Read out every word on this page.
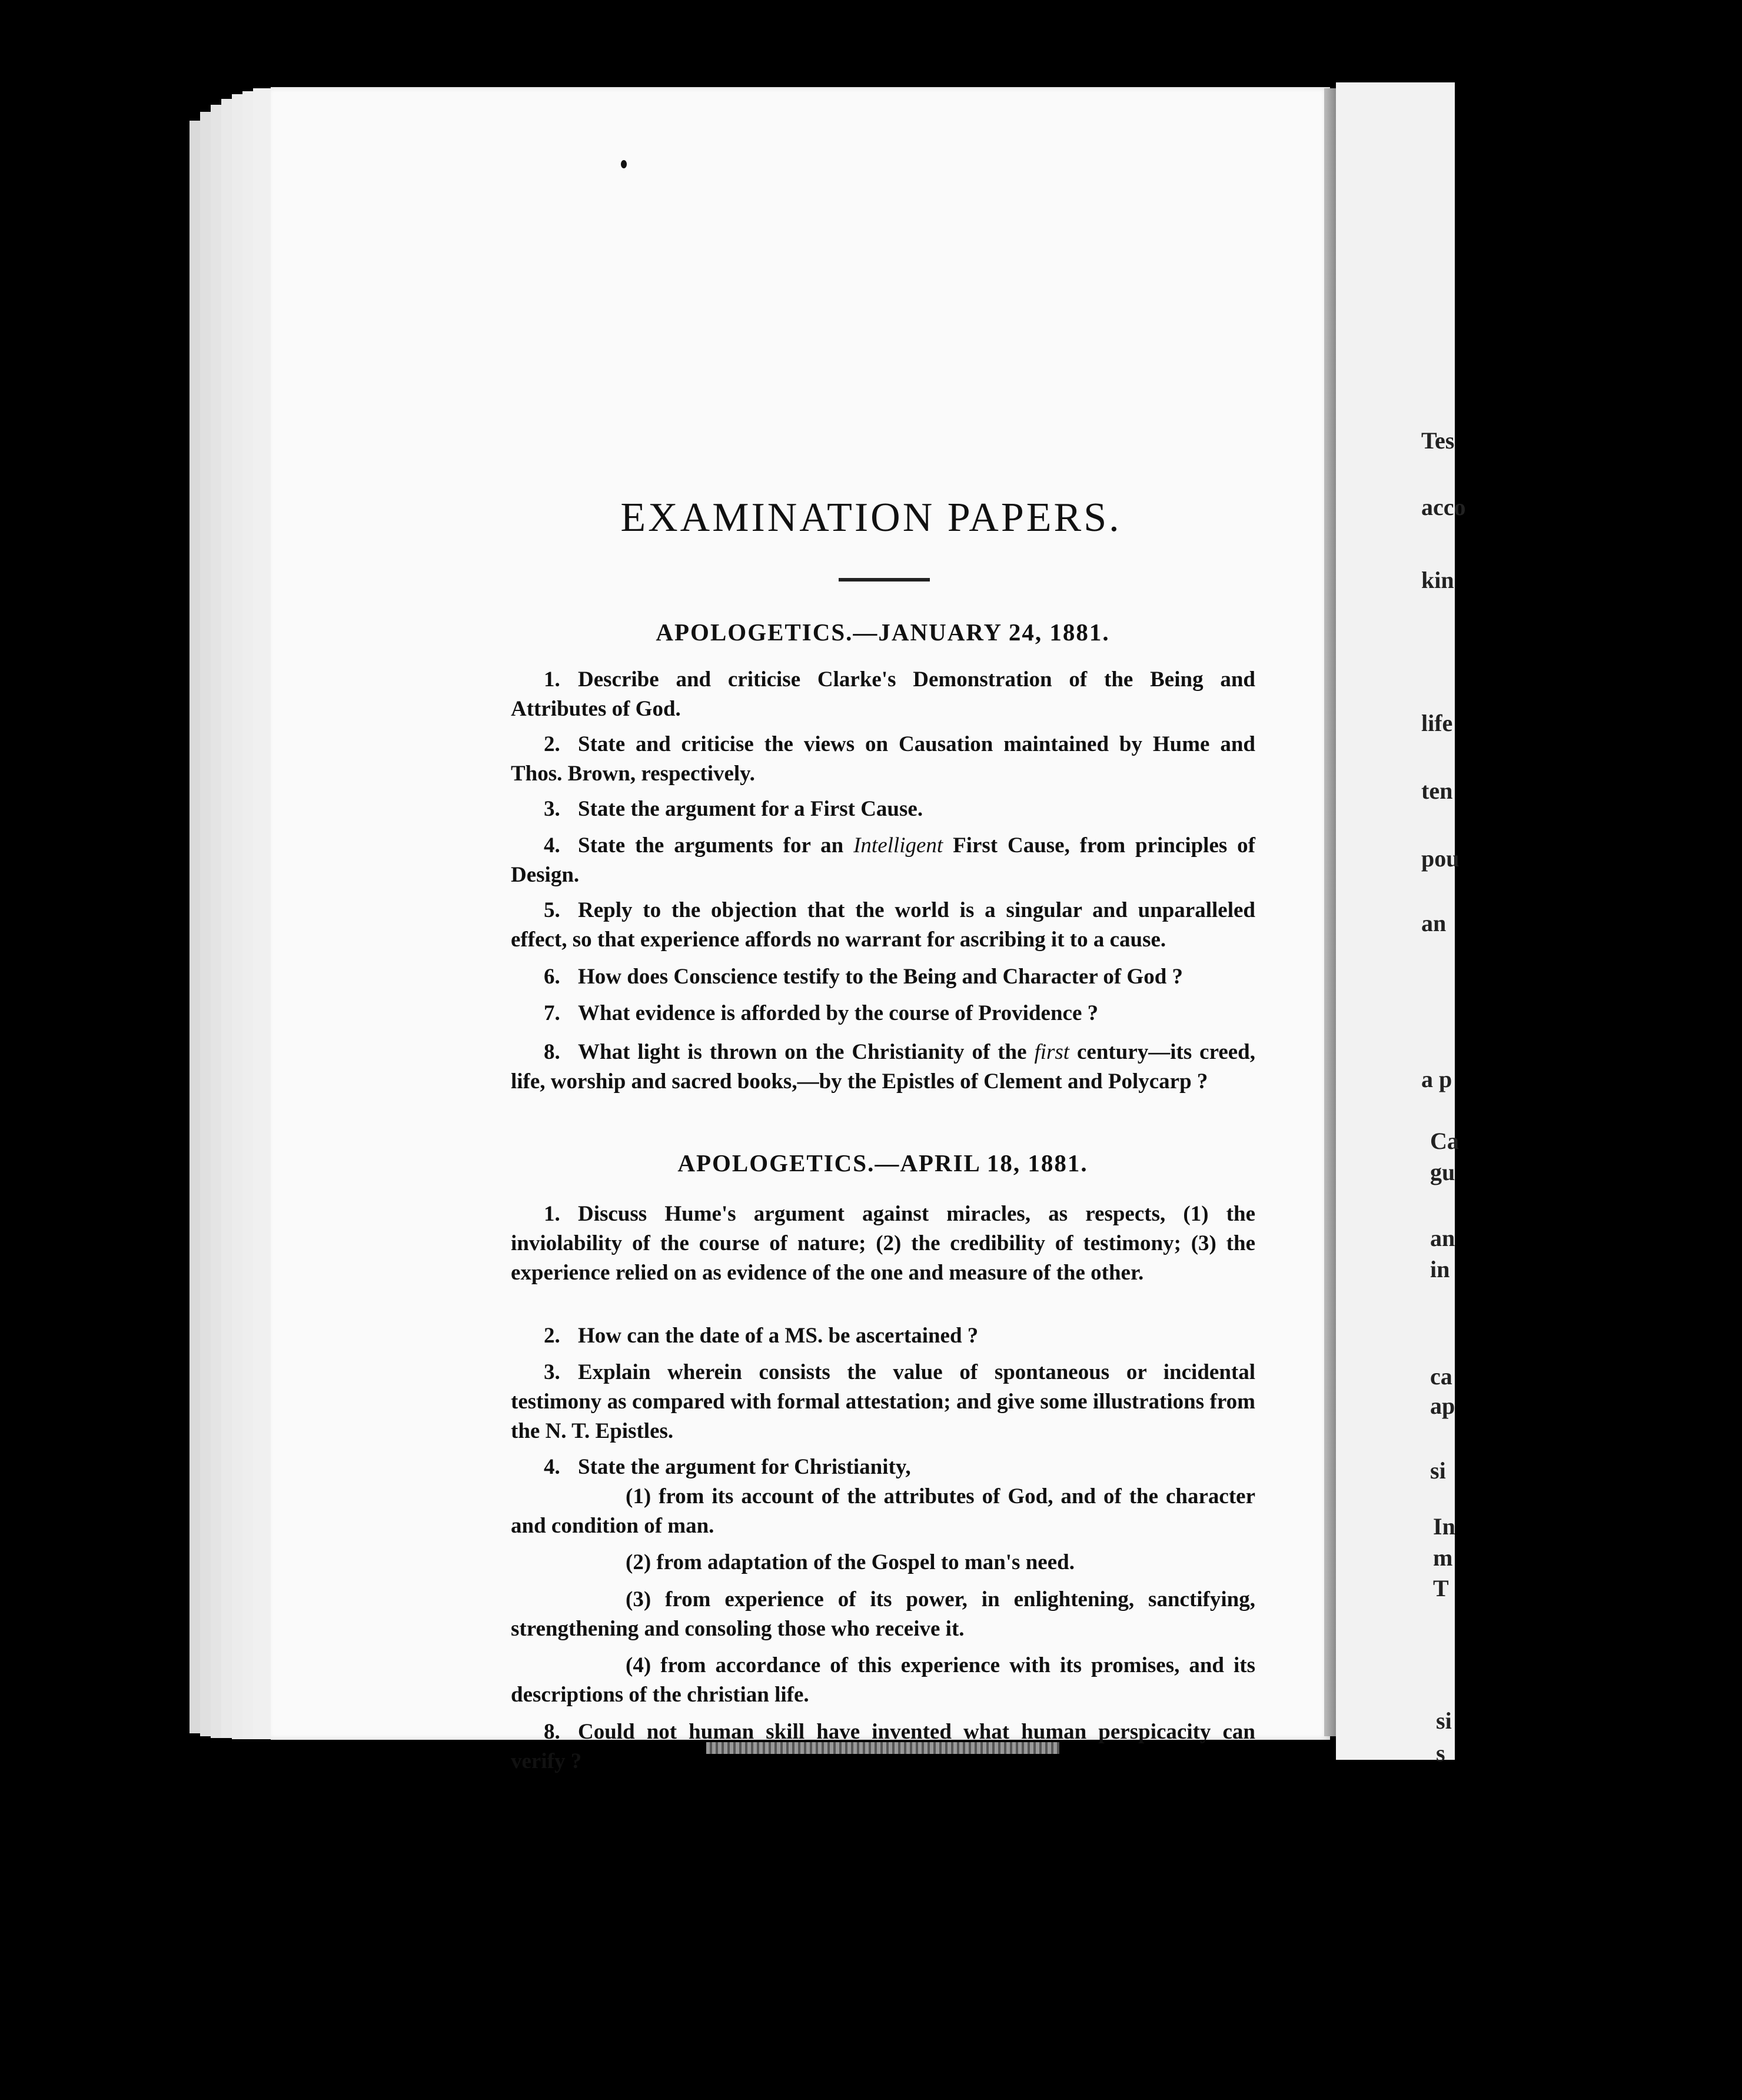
Tes
acco
kin
life
ten
pou
an
a p
Ca
gu
an
in
ca
ap
si
In
m
T
si
s
EXAMINATION PAPERS.
APOLOGETICS.—JANUARY 24, 1881.
1. Describe and criticise Clarke's Demonstration of the Being and Attributes of God.
2. State and criticise the views on Causation maintained by Hume and Thos. Brown, respectively.
3. State the argument for a First Cause.
4. State the arguments for an Intelligent First Cause, from principles of Design.
5. Reply to the objection that the world is a singular and unparalleled effect, so that experience affords no warrant for ascribing it to a cause.
6. How does Conscience testify to the Being and Character of God ?
7. What evidence is afforded by the course of Providence ?
8. What light is thrown on the Christianity of the first century—its creed, life, worship and sacred books,—by the Epistles of Clement and Polycarp ?
APOLOGETICS.—APRIL 18, 1881.
1. Discuss Hume's argument against miracles, as respects, (1) the inviolability of the course of nature; (2) the credibility of testimony; (3) the experience relied on as evidence of the one and measure of the other.
2. How can the date of a MS. be ascertained ?
3. Explain wherein consists the value of spontaneous or incidental testimony as compared with formal attestation; and give some illustrations from the N. T. Epistles.
4. State the argument for Christianity,
(1) from its account of the attributes of God, and of the character and condition of man.
(2) from adaptation of the Gospel to man's need.
(3) from experience of its power, in enlightening, sanctifying, strengthening and consoling those who receive it.
(4) from accordance of this experience with its promises, and its descriptions of the christian life.
8. Could not human skill have invented what human perspicacity can verify ?
